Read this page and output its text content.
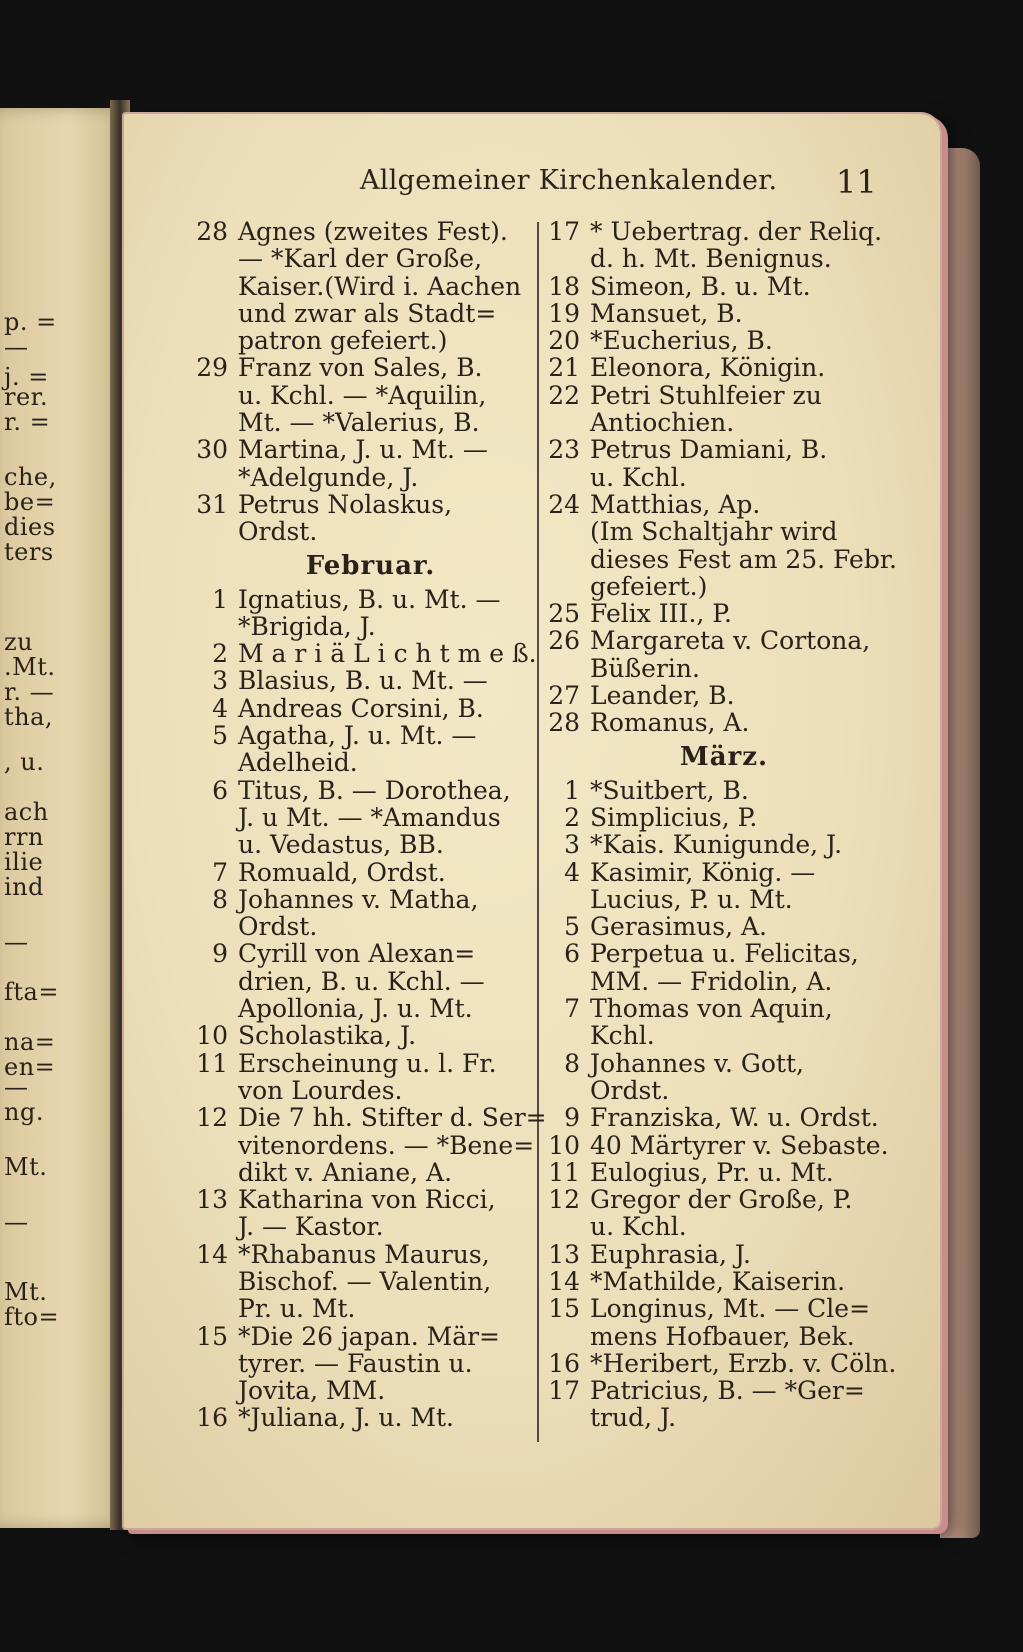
p. =
—
j. =
rer.
r. =
che,
be=
dies
ters
zu
.Mt.
r. —
tha,
, u.
ach
rrn
ilie
ind
—
fta=
na=
en=
—
ng.
Mt.
—
Mt.
fto=
Allgemeiner Kirchenkalender. 11
28 Agnes (zweites Fest).
— *Karl der Große,
Kaiser.(Wird i. Aachen
und zwar als Stadt=
patron gefeiert.)
29 Franz von Sales, B.
u. Kchl. — *Aquilin,
Mt. — *Valerius, B.
30 Martina, J. u. Mt. —
*Adelgunde, J.
31 Petrus Nolaskus,
Ordst.
Februar.
1 Ignatius, B. u. Mt. —
*Brigida, J.
2 M a r i ä L i c h t m e ß.
3 Blasius, B. u. Mt. —
4 Andreas Corsini, B.
5 Agatha, J. u. Mt. —
Adelheid.
6 Titus, B. — Dorothea,
J. u Mt. — *Amandus
u. Vedastus, BB.
7 Romuald, Ordst.
8 Johannes v. Matha,
Ordst.
9 Cyrill von Alexan=
drien, B. u. Kchl. —
Apollonia, J. u. Mt.
10 Scholastika, J.
11 Erscheinung u. l. Fr.
von Lourdes.
12 Die 7 hh. Stifter d. Ser=
vitenordens. — *Bene=
dikt v. Aniane, A.
13 Katharina von Ricci,
J. — Kastor.
14 *Rhabanus Maurus,
Bischof. — Valentin,
Pr. u. Mt.
15 *Die 26 japan. Mär=
tyrer. — Faustin u.
Jovita, MM.
16 *Juliana, J. u. Mt.
17 * Uebertrag. der Reliq.
d. h. Mt. Benignus.
18 Simeon, B. u. Mt.
19 Mansuet, B.
20 *Eucherius, B.
21 Eleonora, Königin.
22 Petri Stuhlfeier zu
Antiochien.
23 Petrus Damiani, B.
u. Kchl.
24 Matthias, Ap.
(Im Schaltjahr wird
dieses Fest am 25. Febr.
gefeiert.)
25 Felix III., P.
26 Margareta v. Cortona,
Büßerin.
27 Leander, B.
28 Romanus, A.
März.
1 *Suitbert, B.
2 Simplicius, P.
3 *Kais. Kunigunde, J.
4 Kasimir, König. —
Lucius, P. u. Mt.
5 Gerasimus, A.
6 Perpetua u. Felicitas,
MM. — Fridolin, A.
7 Thomas von Aquin,
Kchl.
8 Johannes v. Gott,
Ordst.
9 Franziska, W. u. Ordst.
10 40 Märtyrer v. Sebaste.
11 Eulogius, Pr. u. Mt.
12 Gregor der Große, P.
u. Kchl.
13 Euphrasia, J.
14 *Mathilde, Kaiserin.
15 Longinus, Mt. — Cle=
mens Hofbauer, Bek.
16 *Heribert, Erzb. v. Cöln.
17 Patricius, B. — *Ger=
trud, J.
